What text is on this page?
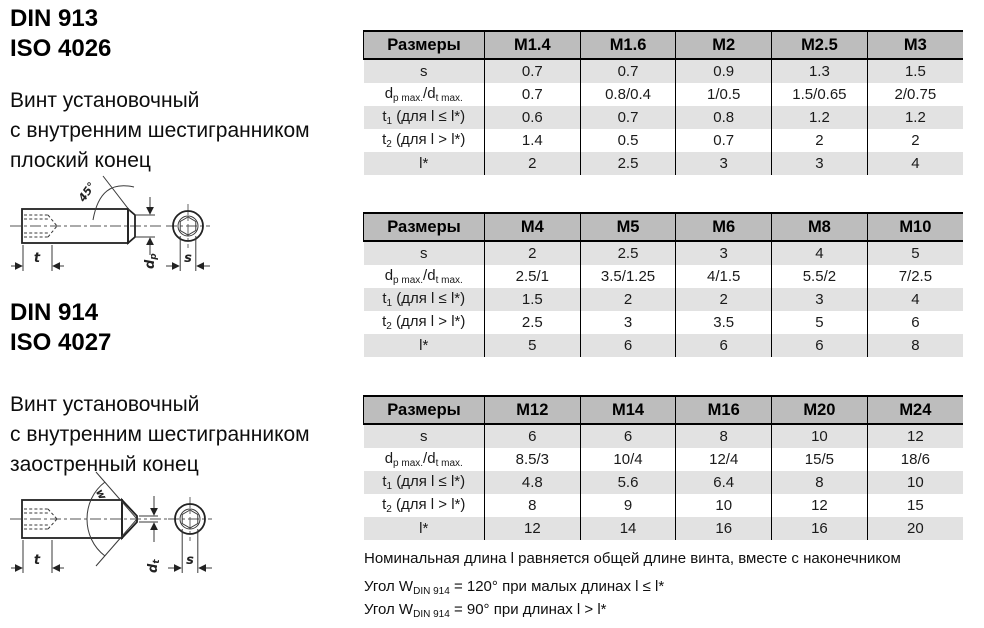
DIN 913
ISO 4026
Винт установочный
с внутренним шестигранником
плоский конец
45°
t	dp s
DIN 914
ISO 4027
Винт установочный
с внутренним шестигранником
заостренный конец
w
t
dt s
Размеры	M1.4	M1.6	M2	M2.5	M3
s	0.7	0.7	0.9	1.3	1.5
$d_{p max.}/d_{t max.}$	0.7	0.8/0.4	1/0.5	1.5/0.65	2/0.75
$t_1$ (для l ≤ l*)	0.6	0.7	0.8	1.2	1.2
$t_2$ (для l > l*)	1.4	0.5	0.7	2	2
l*	2	2.5	3	3	4
Размеры	M4	M5	M6	M8	M10
s	2	2.5	3	4	5
$d_{p max.}/d_{t max.}$	2.5/1	3.5/1.25	4/1.5	5.5/2	7/2.5
$t_1$ (для l ≤ l*)	1.5	2	2	3	4
$t_2$ (для l > l*)	2.5	3	3.5	5	6
l*	5	6	6	6	8
Размеры	M12	M14	M16	M20	M24
s	6	6	8	10	12
$d_{p max.}/d_{t max.}$	8.5/3	10/4	12/4	15/5	18/6
$t_1$ (для l ≤ l*)	4.8	5.6	6.4	8	10
$t_2$ (для l > l*)	8	9	10	12	15
l*	12	14	16	16	20
Номинальная длина l равняется общей длине винта, вместе с наконечником
Угол $W_{DIN 914} = 120^\circ$ при малых длинах l ≤ l*
Угол $W_{DIN 914} = 90^\circ$ при длинах l > l*
